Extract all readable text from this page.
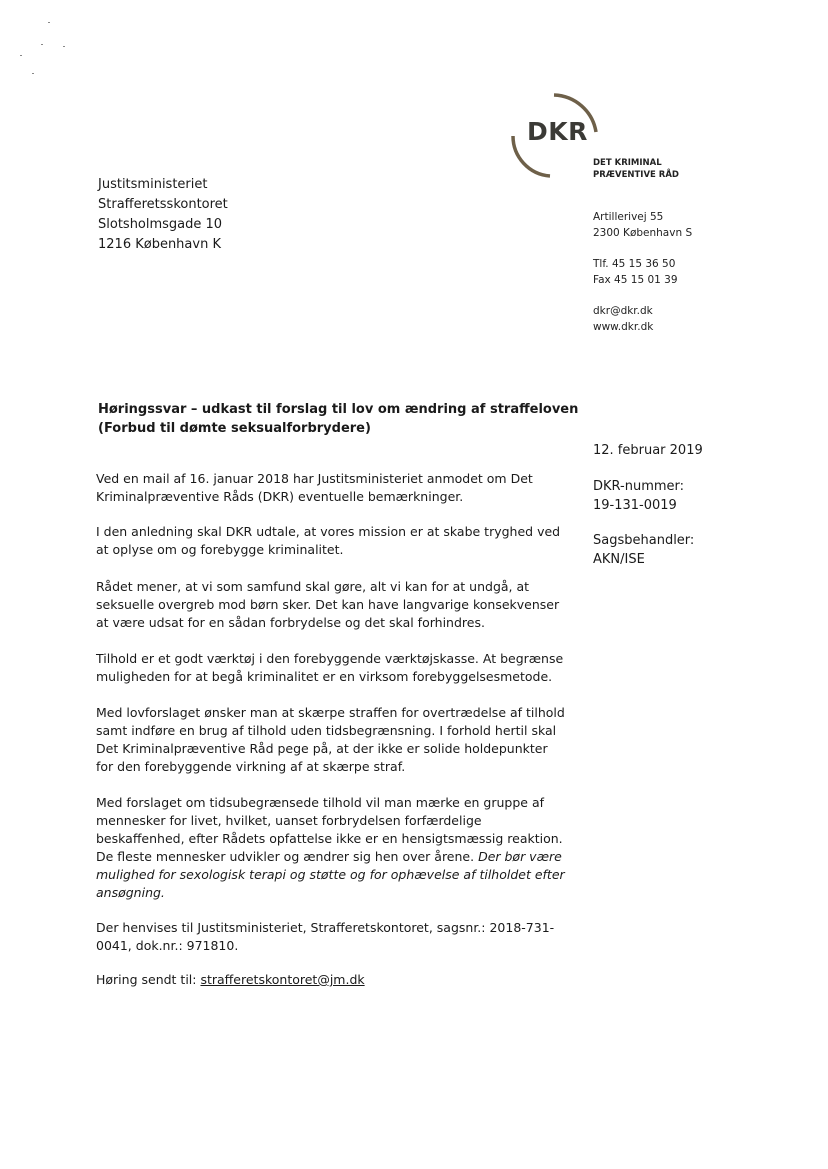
DKR
DET KRIMINAL
PRÆVENTIVE RÅD
Artillerivej 55
2300 København S
Tlf. 45 15 36 50
Fax 45 15 01 39
dkr@dkr.dk
www.dkr.dk
Justitsministeriet
Strafferetsskontoret
Slotsholmsgade 10
1216 København K
Høringssvar – udkast til forslag til lov om ændring af straffeloven
(Forbud til dømte seksualforbrydere)
12. februar 2019
DKR-nummer:
19-131-0019
Sagsbehandler:
AKN/ISE
Ved en mail af 16. januar 2018 har Justitsministeriet anmodet om Det
Kriminalpræventive Råds (DKR) eventuelle bemærkninger.
I den anledning skal DKR udtale, at vores mission er at skabe tryghed ved
at oplyse om og forebygge kriminalitet.
Rådet mener, at vi som samfund skal gøre, alt vi kan for at undgå, at
seksuelle overgreb mod børn sker. Det kan have langvarige konsekvenser
at være udsat for en sådan forbrydelse og det skal forhindres.
Tilhold er et godt værktøj i den forebyggende værktøjskasse. At begrænse
muligheden for at begå kriminalitet er en virksom forebyggelsesmetode.
Med lovforslaget ønsker man at skærpe straffen for overtrædelse af tilhold
samt indføre en brug af tilhold uden tidsbegrænsning. I forhold hertil skal
Det Kriminalpræventive Råd pege på, at der ikke er solide holdepunkter
for den forebyggende virkning af at skærpe straf.
Med forslaget om tidsubegrænsede tilhold vil man mærke en gruppe af
mennesker for livet, hvilket, uanset forbrydelsen forfærdelige
beskaffenhed, efter Rådets opfattelse ikke er en hensigtsmæssig reaktion.
De fleste mennesker udvikler og ændrer sig hen over årene. Der bør være
mulighed for sexologisk terapi og støtte og for ophævelse af tilholdet efter
ansøgning.
Der henvises til Justitsministeriet, Strafferetskontoret, sagsnr.: 2018-731-
0041, dok.nr.: 971810.
Høring sendt til: strafferetskontoret@jm.dk
